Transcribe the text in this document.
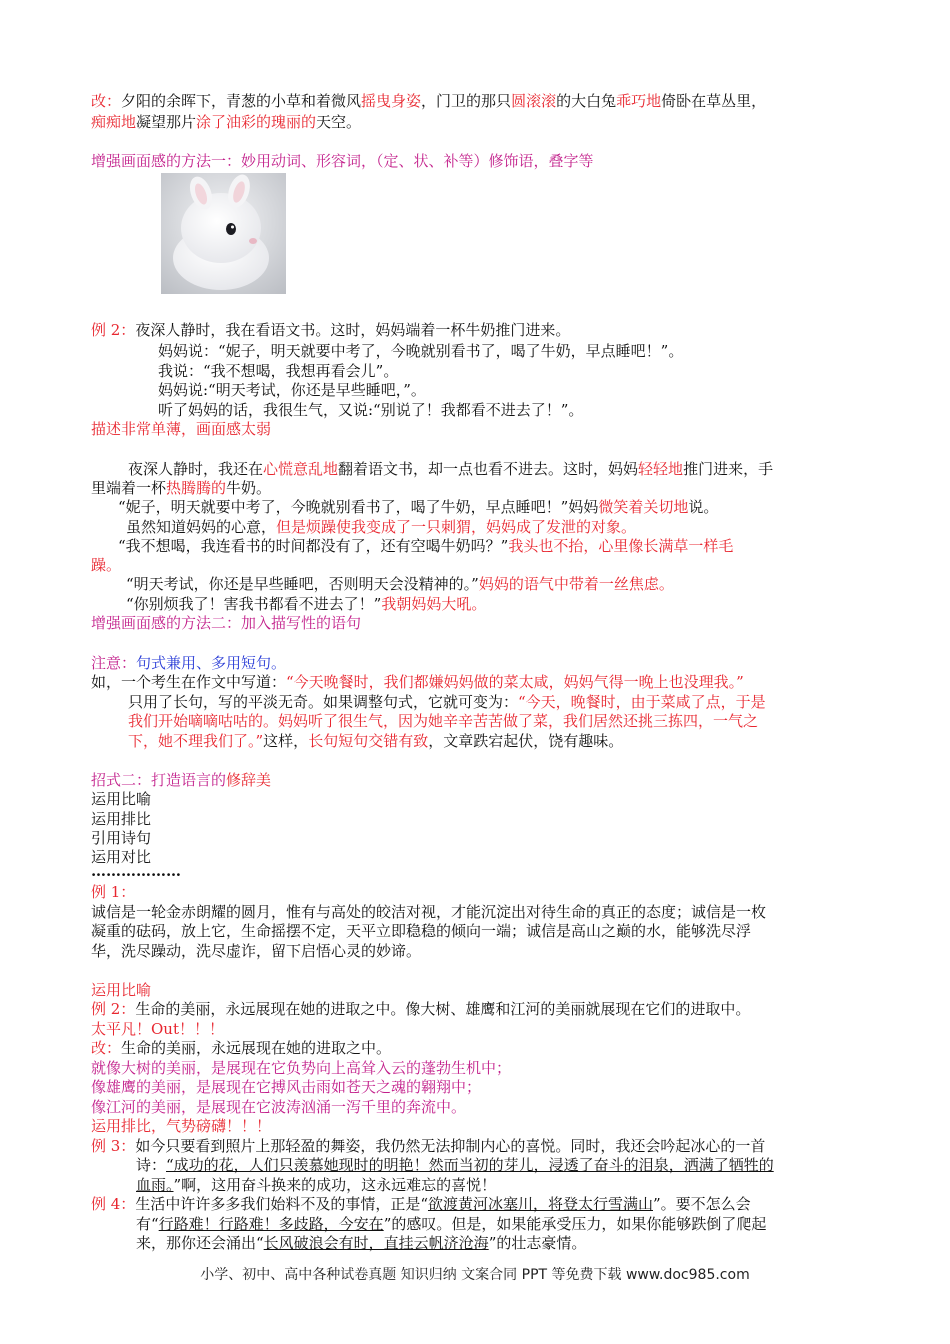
改：夕阳的余晖下，青葱的小草和着微风摇曳身姿，门卫的那只圆滚滚的大白兔乖巧地倚卧在草丛里，
痴痴地凝望那片涂了油彩的瑰丽的天空。
增强画面感的方法一：妙用动词、形容词，（定、状、补等）修饰语，叠字等
例 2：夜深人静时，我在看语文书。这时，妈妈端着一杯牛奶推门进来。
妈妈说：“妮子，明天就要中考了，今晚就别看书了，喝了牛奶，早点睡吧！”。
我说：“我不想喝，我想再看会儿”。
妈妈说:“明天考试，你还是早些睡吧，”。
听了妈妈的话，我很生气，又说:“别说了！我都看不进去了！”。
描述非常单薄，画面感太弱
夜深人静时，我还在心慌意乱地翻着语文书，却一点也看不进去。这时，妈妈轻轻地推门进来，手
里端着一杯热腾腾的牛奶。
“妮子，明天就要中考了，今晚就别看书了，喝了牛奶，早点睡吧！”妈妈微笑着关切地说。
虽然知道妈妈的心意，但是烦躁使我变成了一只刺猬，妈妈成了发泄的对象。
“我不想喝，我连看书的时间都没有了，还有空喝牛奶吗？”我头也不抬，心里像长满草一样毛
躁。
“明天考试，你还是早些睡吧，否则明天会没精神的。”妈妈的语气中带着一丝焦虑。
“你别烦我了！害我书都看不进去了！”我朝妈妈大吼。
增强画面感的方法二：加入描写性的语句
注意：句式兼用、多用短句。
如，一个考生在作文中写道：“今天晚餐时，我们都嫌妈妈做的菜太咸，妈妈气得一晚上也没理我。”
只用了长句，写的平淡无奇。如果调整句式，它就可变为：“今天，晚餐时，由于菜咸了点，于是
我们开始嘀嘀咕咕的。妈妈听了很生气，因为她辛辛苦苦做了菜，我们居然还挑三拣四，一气之
下，她不理我们了。”这样，长句短句交错有致，文章跌宕起伏，饶有趣味。
招式二：打造语言的修辞美
运用比喻
运用排比
引用诗句
运用对比
………………
例 1：
诚信是一轮金赤朗耀的圆月，惟有与高处的皎洁对视，才能沉淀出对待生命的真正的态度；诚信是一枚
凝重的砝码，放上它，生命摇摆不定，天平立即稳稳的倾向一端；诚信是高山之巅的水，能够洗尽浮
华，洗尽躁动，洗尽虚诈，留下启悟心灵的妙谛。
运用比喻
例 2：生命的美丽，永远展现在她的进取之中。像大树、雄鹰和江河的美丽就展现在它们的进取中。
太平凡！Out！！！
改：生命的美丽，永远展现在她的进取之中。
就像大树的美丽，是展现在它负势向上高耸入云的蓬勃生机中；
像雄鹰的美丽，是展现在它搏风击雨如苍天之魂的翱翔中；
像江河的美丽，是展现在它波涛汹涌一泻千里的奔流中。
运用排比，气势磅礴！！！
例 3：如今只要看到照片上那轻盈的舞姿，我仍然无法抑制内心的喜悦。同时，我还会吟起冰心的一首
诗：“成功的花，人们只羡慕她现时的明艳！然而当初的芽儿，浸透了奋斗的泪泉，洒满了牺牲的
血雨。”啊，这用奋斗换来的成功，这永远难忘的喜悦！
例 4：生活中许许多多我们始料不及的事情，正是“欲渡黄河冰塞川，将登太行雪满山”。要不怎么会
有“行路难！行路难！多歧路，今安在”的感叹。但是，如果能承受压力，如果你能够跌倒了爬起
来，那你还会涌出“长风破浪会有时，直挂云帆济沧海”的壮志豪情。
小学、初中、高中各种试卷真题 知识归纳 文案合同 PPT 等免费下载 www.doc985.com
